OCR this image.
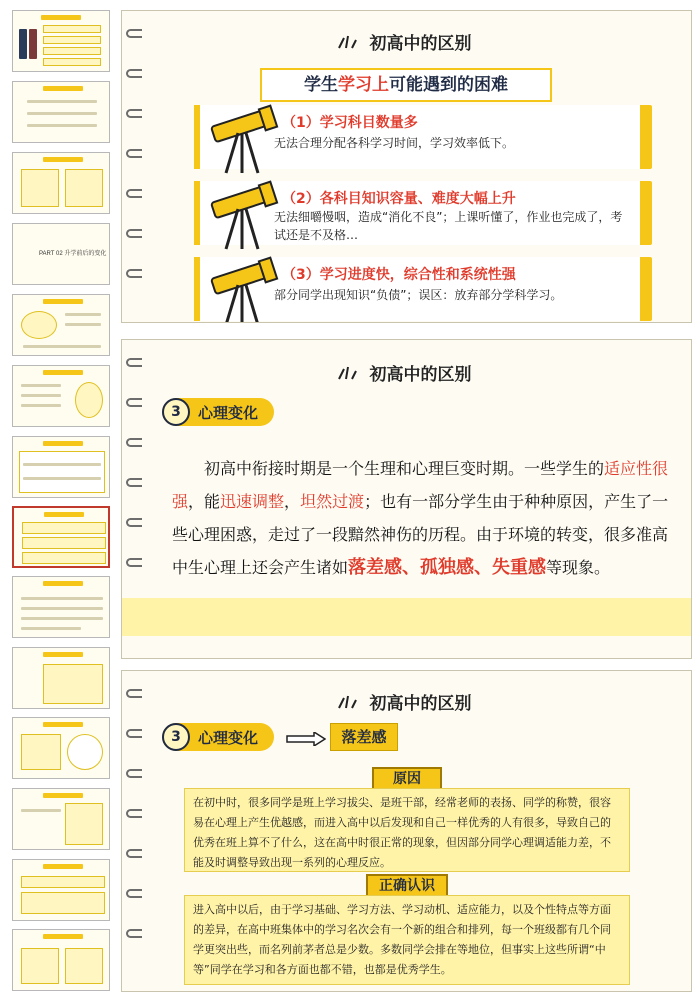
PART 02 升学前后的变化
初高中的区别
学生学习上可能遇到的困难
（1）学习科目数量多
无法合理分配各科学习时间，学习效率低下。
（2）各科目知识容量、难度大幅上升
无法细嚼慢咽，造成“消化不良”；上课听懂了，作业也完成了，考试还是不及格…
（3）学习进度快，综合性和系统性强
部分同学出现知识“负债”；误区：放弃部分学科学习。
初高中的区别
3	心理变化

初高中衔接时期是一个生理和心理巨变时期。一些学生的适应性很强，能迅速调整，坦然过渡；也有一部分学生由于种种原因，产生了一些心理困惑，走过了一段黯然神伤的历程。由于环境的转变，很多准高中生心理上还会产生诸如落差感、孤独感、失重感等现象。

初高中的区别
3	心理变化	落差感
原因
在初中时，很多同学是班上学习拔尖、是班干部，经常老师的表扬、同学的称赞，很容易在心理上产生优越感，而进入高中以后发现和自己一样优秀的人有很多，导致自己的优秀在班上算不了什么，这在高中时很正常的现象，但因部分同学心理调适能力差，不能及时调整导致出现一系列的心理反应。
正确认识
进入高中以后，由于学习基础、学习方法、学习动机、适应能力，以及个性特点等方面的差异，在高中班集体中的学习名次会有一个新的组合和排列，每一个班级都有几个同学更突出些，而名列前茅者总是少数。多数同学会排在等地位，但事实上这些所谓“中等”同学在学习和各方面也都不错，也都是优秀学生。
